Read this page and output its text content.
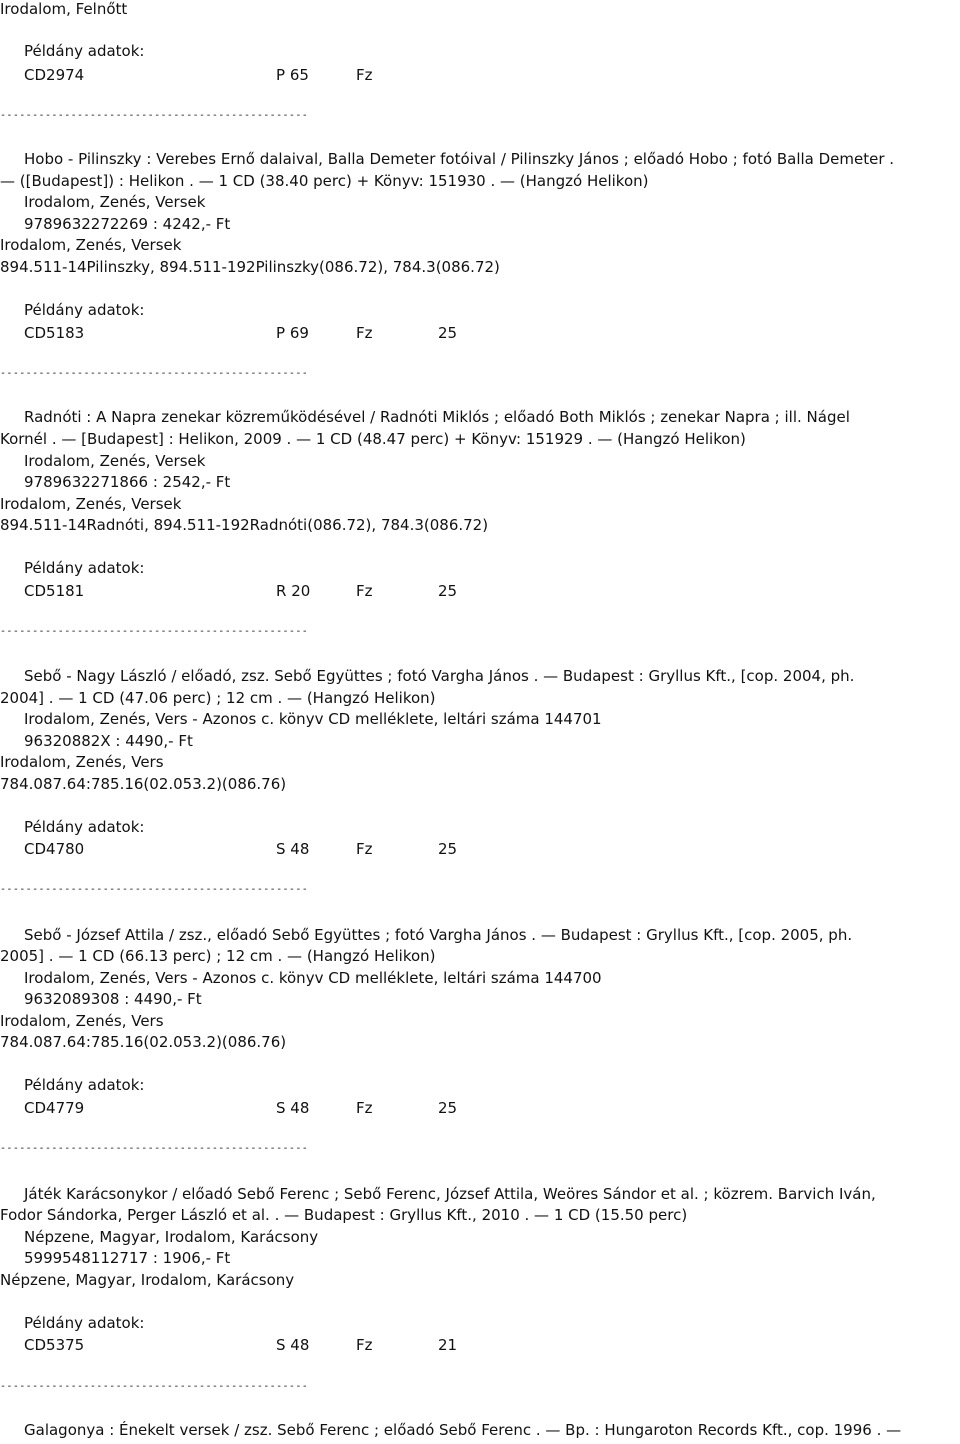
Irodalom, Felnőtt
Példány adatok:
CD2974	P 65	Fz
------------------------------------------------
Hobo - Pilinszky : Verebes Ernő dalaival, Balla Demeter fotóival / Pilinszky János ; előadó Hobo ; fotó Balla Demeter .
— ([Budapest]) : Helikon . — 1 CD (38.40 perc) + Könyv: 151930 . — (Hangzó Helikon)
Irodalom, Zenés, Versek
9789632272269 : 4242,- Ft
Irodalom, Zenés, Versek
894.511-14Pilinszky, 894.511-192Pilinszky(086.72), 784.3(086.72)
Példány adatok:
CD5183	P 69	Fz	25
------------------------------------------------
Radnóti : A Napra zenekar közreműködésével / Radnóti Miklós ; előadó Both Miklós ; zenekar Napra ; ill. Nágel
Kornél . — [Budapest] : Helikon, 2009 . — 1 CD (48.47 perc) + Könyv: 151929 . — (Hangzó Helikon)
Irodalom, Zenés, Versek
9789632271866 : 2542,- Ft
Irodalom, Zenés, Versek
894.511-14Radnóti, 894.511-192Radnóti(086.72), 784.3(086.72)
Példány adatok:
CD5181	R 20	Fz	25
------------------------------------------------
Sebő - Nagy László / előadó, zsz. Sebő Együttes ; fotó Vargha János . — Budapest : Gryllus Kft., [cop. 2004, ph.
2004] . — 1 CD (47.06 perc) ; 12 cm . — (Hangzó Helikon)
Irodalom, Zenés, Vers - Azonos c. könyv CD melléklete, leltári száma 144701
96320882X : 4490,- Ft
Irodalom, Zenés, Vers
784.087.64:785.16(02.053.2)(086.76)
Példány adatok:
CD4780	S 48	Fz	25
------------------------------------------------
Sebő - József Attila / zsz., előadó Sebő Együttes ; fotó Vargha János . — Budapest : Gryllus Kft., [cop. 2005, ph.
2005] . — 1 CD (66.13 perc) ; 12 cm . — (Hangzó Helikon)
Irodalom, Zenés, Vers - Azonos c. könyv CD melléklete, leltári száma 144700
9632089308 : 4490,- Ft
Irodalom, Zenés, Vers
784.087.64:785.16(02.053.2)(086.76)
Példány adatok:
CD4779	S 48	Fz	25
------------------------------------------------
Játék Karácsonykor / előadó Sebő Ferenc ; Sebő Ferenc, József Attila, Weöres Sándor et al. ; közrem. Barvich Iván,
Fodor Sándorka, Perger László et al. . — Budapest : Gryllus Kft., 2010 . — 1 CD (15.50 perc)
Népzene, Magyar, Irodalom, Karácsony
5999548112717 : 1906,- Ft
Népzene, Magyar, Irodalom, Karácsony
Példány adatok:
CD5375	S 48	Fz	21
------------------------------------------------
Galagonya : Énekelt versek / zsz. Sebő Ferenc ; előadó Sebő Ferenc . — Bp. : Hungaroton Records Kft., cop. 1996 . —
